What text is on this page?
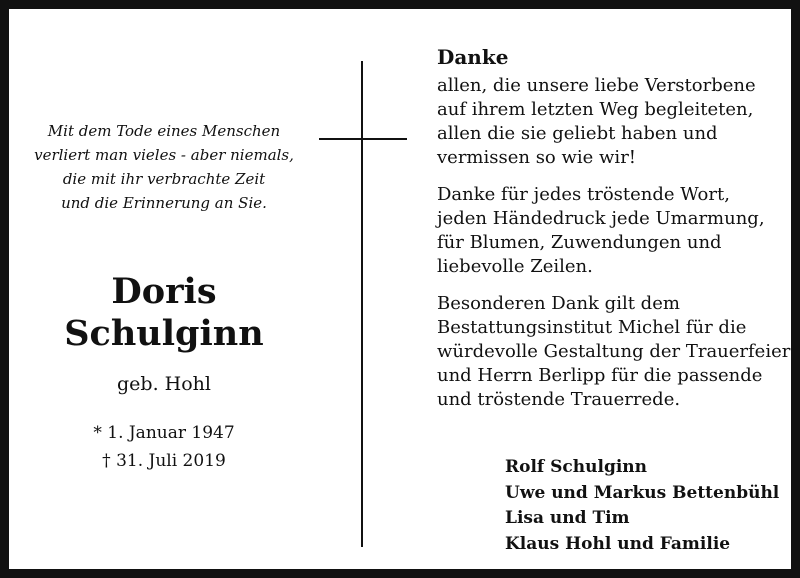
Mit dem Tode eines Menschen
verliert man vieles - aber niemals,
die mit ihr verbrachte Zeit
und die Erinnerung an Sie.
Doris
Schulginn
geb. Hohl
* 1. Januar 1947
† 31. Juli 2019
Danke
allen, die unsere liebe Verstorbene
auf ihrem letzten Weg begleiteten,
allen die sie geliebt haben und
vermissen so wie wir!
Danke für jedes tröstende Wort,
jeden Händedruck jede Umarmung,
für Blumen, Zuwendungen und
liebevolle Zeilen.
Besonderen Dank gilt dem
Bestattungsinstitut Michel für die
würdevolle Gestaltung der Trauerfeier
und Herrn Berlipp für die passende
und tröstende Trauerrede.
Rolf Schulginn
Uwe und Markus Bettenbühl
Lisa und Tim
Klaus Hohl und Familie
